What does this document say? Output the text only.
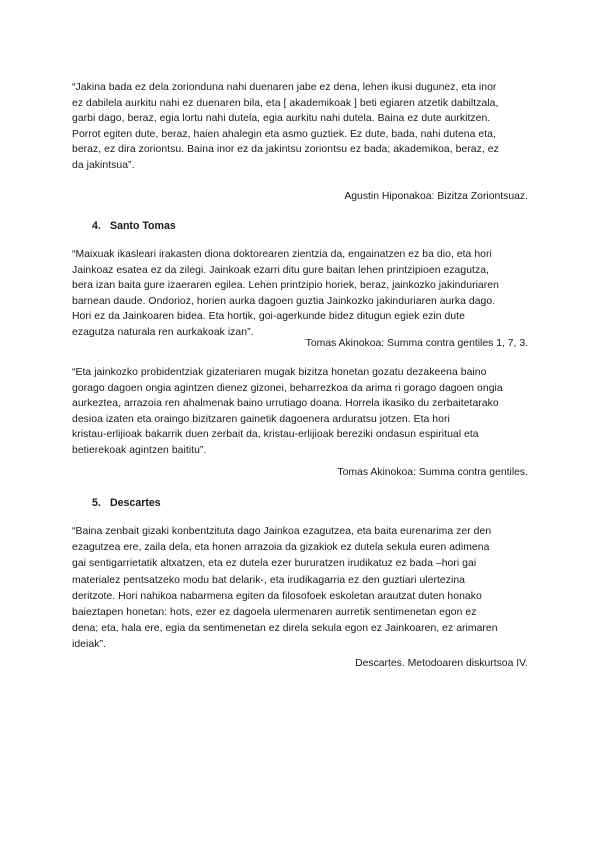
“Jakina bada ez dela zorionduna nahi duenaren jabe ez dena, lehen ikusi dugunez, eta inor
ez dabilela aurkitu nahi ez duenaren bila, eta [ akademikoak ] beti egiaren atzetik dabiltzala,
garbi dago, beraz, egia lortu nahi dutela, egia aurkitu nahi dutela. Baina ez dute aurkitzen.
Porrot egiten dute, beraz, haien ahalegin eta asmo guztiek. Ez dute, bada, nahi dutena eta,
beraz, ez dira zoriontsu. Baina inor ez da jakintsu zoriontsu ez bada; akademikoa, beraz, ez
da jakintsua”.

Agustin Hiponakoa: Bizitza Zoriontsuaz.

4. Santo Tomas

“Maixuak ikasleari irakasten diona doktorearen zientzia da, engainatzen ez ba dio, eta hori
Jainkoaz esatea ez da zilegi. Jainkoak ezarri ditu gure baitan lehen printzipioen ezagutza,
bera izan baita gure izaeraren egilea. Lehen printzipio horiek, beraz, jainkozko jakinduriaren
barnean daude. Ondorioz, horien aurka dagoen guztia Jainkozko jakinduriaren aurka dago.
Hori ez da Jainkoaren bidea. Eta hortik, goi-agerkunde bidez ditugun egiek ezin dute
ezagutza naturala ren aurkakoak izan”.

Tomas Akinokoa: Summa contra gentiles 1, 7, 3.

“Eta jainkozko probidentziak gizateriaren mugak bizitza honetan gozatu dezakeena baino
gorago dagoen ongia agintzen dienez gizonei, beharrezkoa da arima ri gorago dagoen ongia
aurkeztea, arrazoia ren ahalmenak baino urrutiago doana. Horrela ikasiko du zerbaitetarako
desioa izaten eta oraingo bizitzaren gainetik dagoenera arduratsu jotzen. Eta hori
kristau-erlijioak bakarrik duen zerbait da, kristau-erlijioak bereziki ondasun espiritual eta
betierekoak agintzen baititu”.

Tomas Akinokoa: Summa contra gentiles.

5. Descartes

“Baina zenbait gizaki konbentzituta dago Jainkoa ezagutzea, eta baita eurenarima zer den
ezagutzea ere, zaila dela, eta honen arrazoia da gizakiok ez dutela sekula euren adimena
gai sentigarrietatik altxatzen, eta ez dutela ezer bururatzen irudikatuz ez bada –hori gai
materialez pentsatzeko modu bat delarik-, eta irudikagarria ez den guztiari ulertezina
deritzote. Hori nahikoa nabarmena egiten da filosofoek eskoletan arautzat duten honako
baieztapen honetan: hots, ezer ez dagoela ulermenaren aurretik sentimenetan egon ez
dena; eta, hala ere, egia da sentimenetan ez direla sekula egon ez Jainkoaren, ez arimaren
ideiak”.

Descartes. Metodoaren diskurtsoa IV.
